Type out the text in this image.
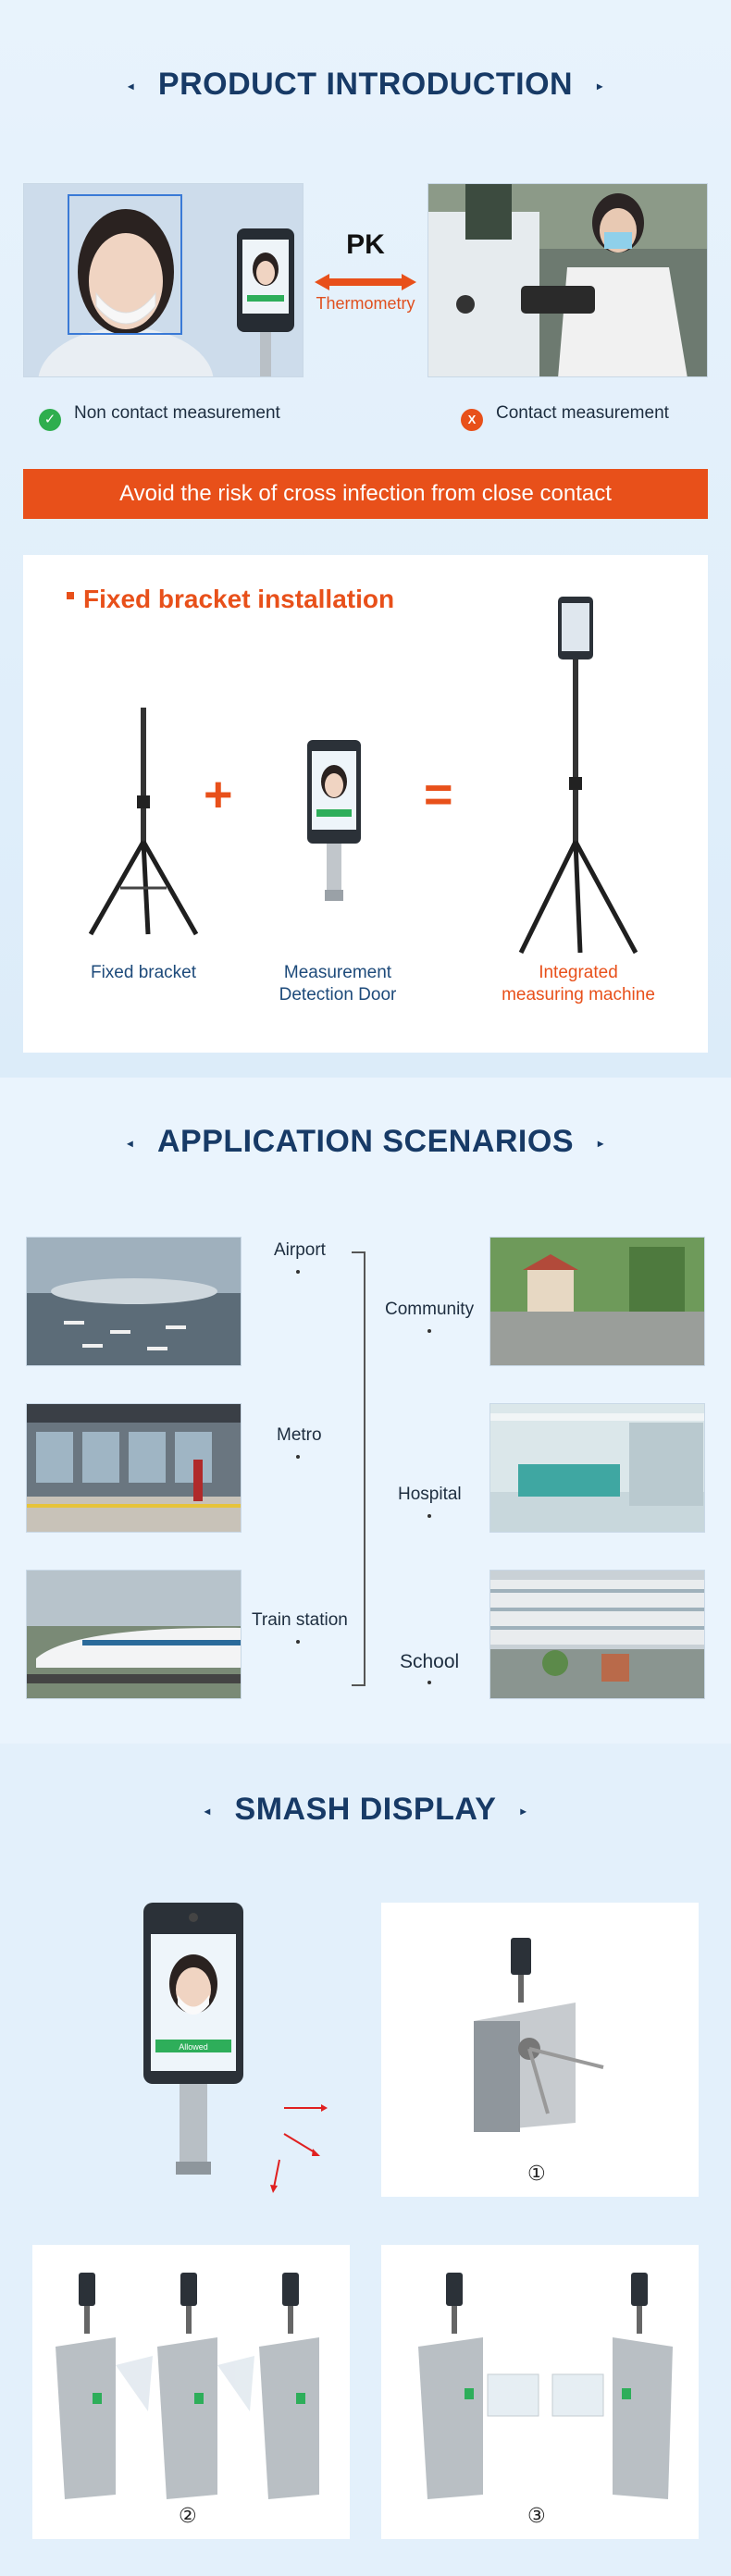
◂ PRODUCT INTRODUCTION ▸
PK
Thermometry
✓	Non contact measurement	X	Contact measurement
Avoid the risk of cross infection from close contact
Fixed bracket installation
+	=
Fixed bracket	Measurement
Detection Door
Integrated
measuring machine
◂ APPLICATION SCENARIOS ▸
Airport
Metro
Train station
Community
Hospital
School
◂ SMASH DISPLAY ▸
Allowed
①
②	③
